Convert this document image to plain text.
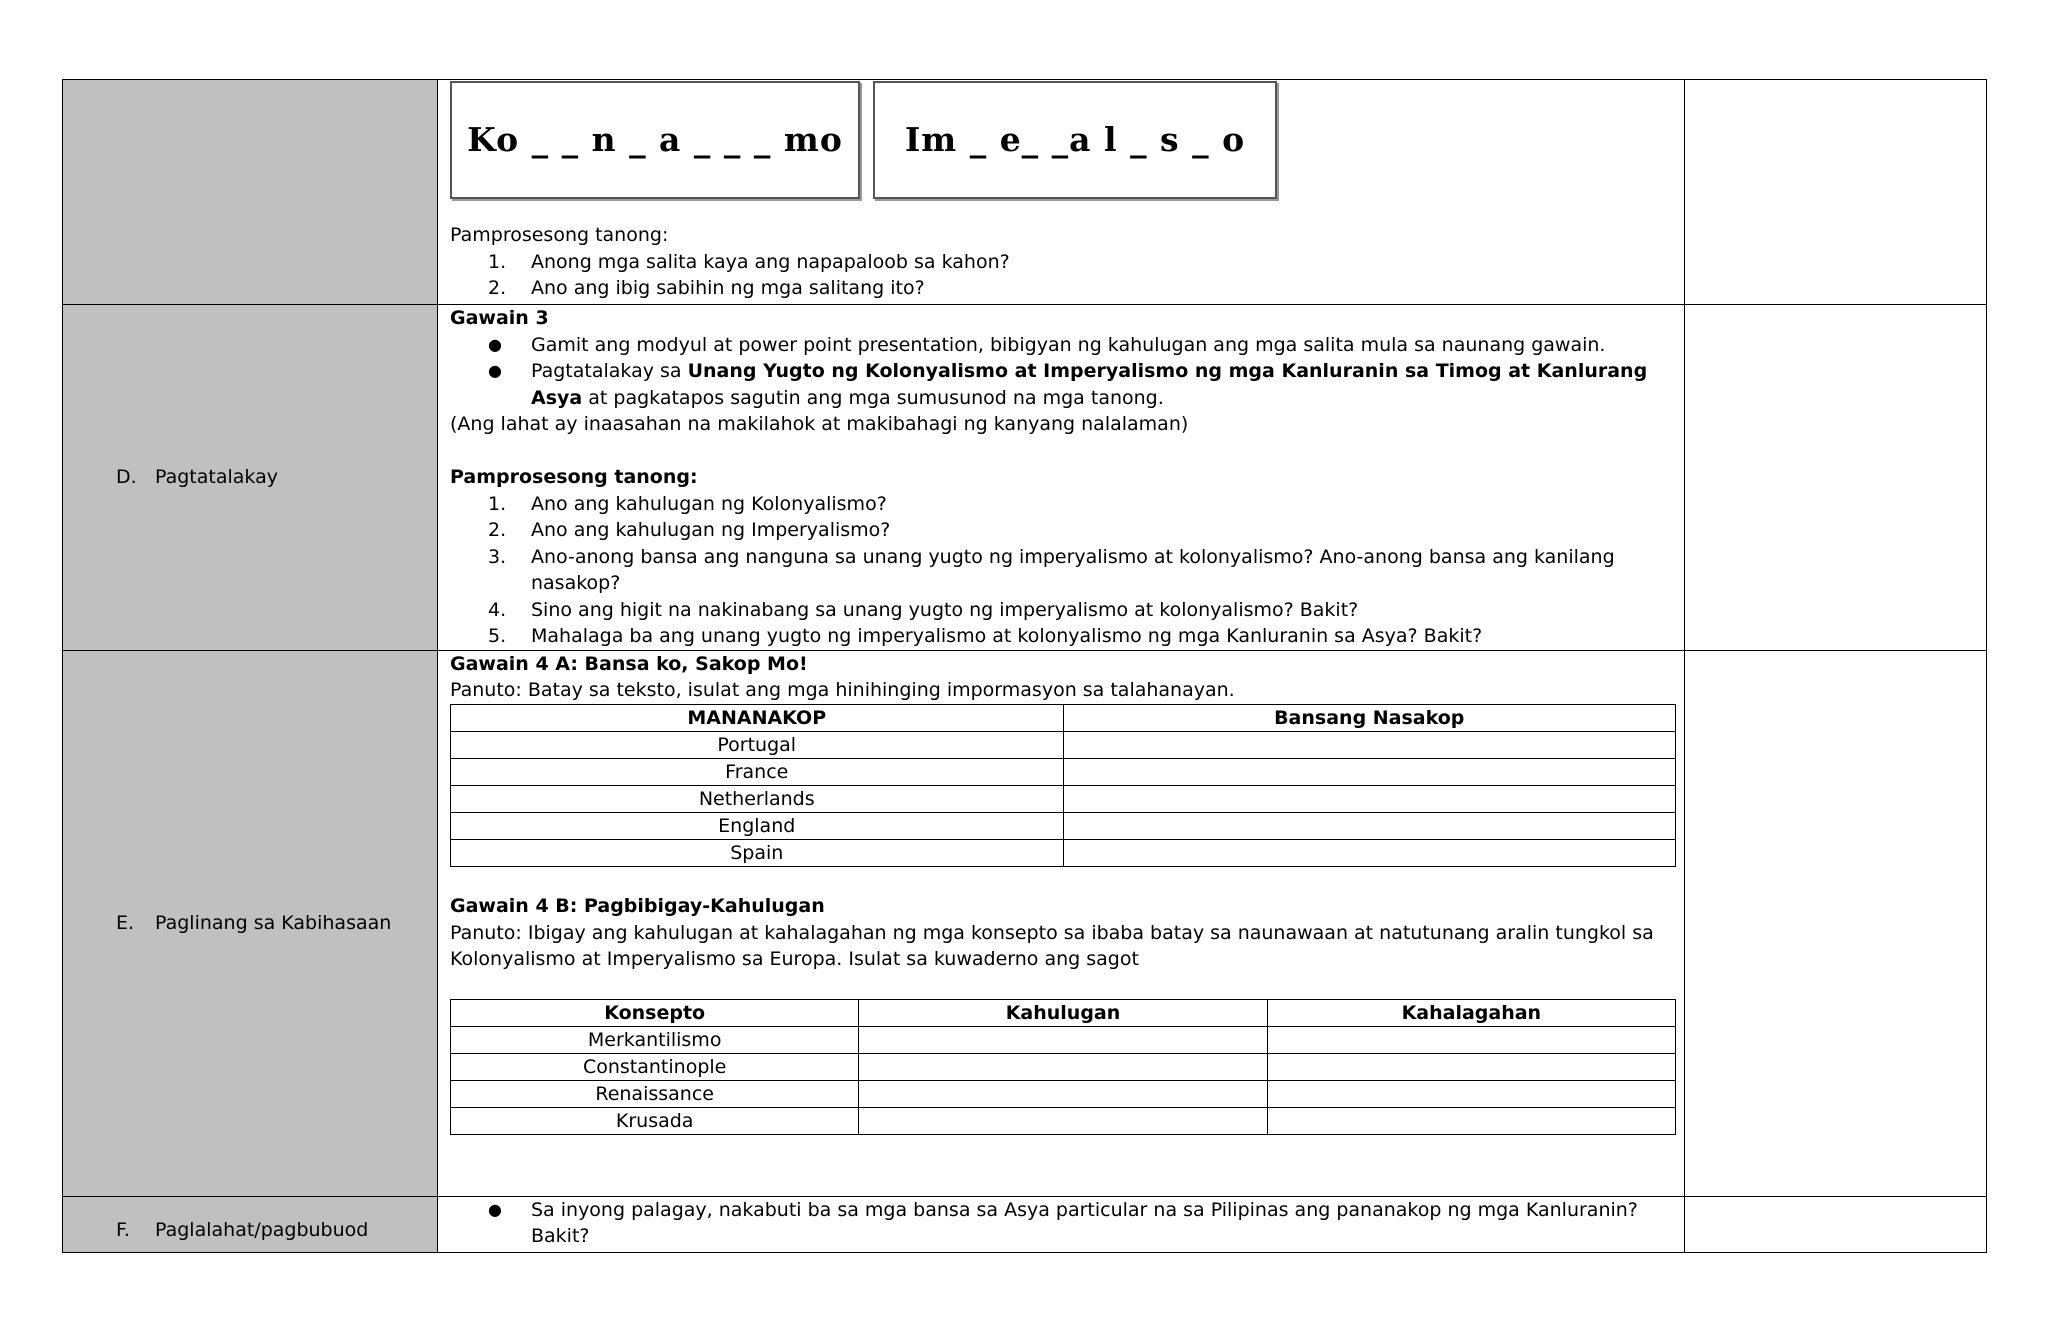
Ko _ _ n _ a _ _ _ mo	Im _ e_ _a l _ s _ o
Pamprosesong tanong:
1.	Anong mga salita kaya ang napapaloob sa kahon?
2.	Ano ang ibig sabihin ng mga salitang ito?

D. Pagtatalakay

Gawain 3
●	Gamit ang modyul at power point presentation, bibigyan ng kahulugan ang mga salita mula sa naunang gawain.
●	Pagtatalakay sa Unang Yugto ng Kolonyalismo at Imperyalismo ng mga Kanluranin sa Timog at Kanlurang Asya at pagkatapos sagutin ang mga sumusunod na mga tanong.
(Ang lahat ay inaasahan na makilahok at makibahagi ng kanyang nalalaman)
Pamprosesong tanong:
1.	Ano ang kahulugan ng Kolonyalismo?
2.	Ano ang kahulugan ng Imperyalismo?
3.	Ano-anong bansa ang nanguna sa unang yugto ng imperyalismo at kolonyalismo? Ano-anong bansa ang kanilang nasakop?
4.	Sino ang higit na nakinabang sa unang yugto ng imperyalismo at kolonyalismo? Bakit?
5.	Mahalaga ba ang unang yugto ng imperyalismo at kolonyalismo ng mga Kanluranin sa Asya? Bakit?

E.	Paglinang sa Kabihasaan

Gawain 4 A: Bansa ko, Sakop Mo!
Panuto: Batay sa teksto, isulat ang mga hinihinging impormasyon sa talahanayan.
MANANAKOP	Bansang Nasakop
Portugal	
France	
Netherlands	
England	
Spain	
Gawain 4 B: Pagbibigay-Kahulugan
Panuto: Ibigay ang kahulugan at kahalagahan ng mga konsepto sa ibaba batay sa naunawaan at natutunang aralin tungkol sa Kolonyalismo at Imperyalismo sa Europa. Isulat sa kuwaderno ang sagot
Konsepto	Kahulugan	Kahalagahan
Merkantilismo		
Constantinople		
Renaissance		
Krusada		

F.	Paglalahat/pagbubuod

●	Sa inyong palagay, nakabuti ba sa mga bansa sa Asya particular na sa Pilipinas ang pananakop ng mga Kanluranin? Bakit?
